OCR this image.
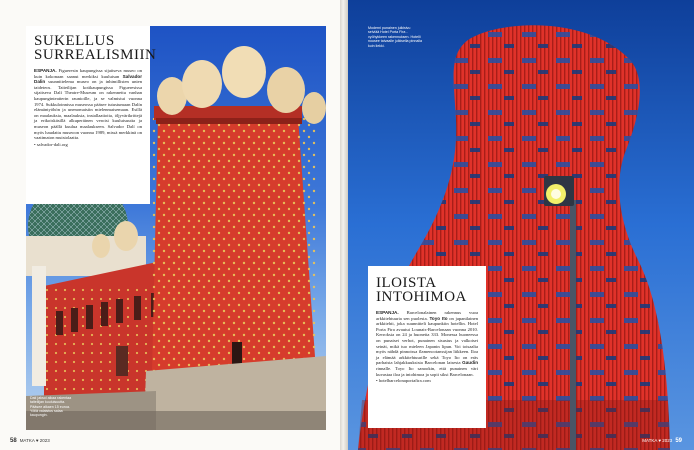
SUKELLUS
SURREALISMIIN
ESPANJA. Figueresin kaupungissa sijaitseva museo on kuin kokonaan saanut merkiksi kuuluisan Salvador Dalin suunnittelema museo on ja inhimillisten unien taideteos. Taiteilijan kotikaupungissa Figueresissa sijaitseva Dalí Theatre-Museum on rakennettu vanhan kaupunginteatterin raunioille, ja se valmistui vuonna 1974. Sukkuloinnissa museossa pääsee tutustumaan Dalín elämäntyöhön ja unenomaisiin mielenmaisemaan. Esillä on maalauksia, maalauksia, installaatioita, öljyvärikrittejä ja erikoiskäsillä alkuperäinen veroisi kuuluisuutta ja museon päällä kuulua maalaukseen. Salvador Dalí on myös haudattu museoon vuonna 1989, missä merkkinä on vaatimaton muistolaatta.
• salvador-dali.org
Dalí jaksoi alkaa rakentaa taiteilijan kuuluisuutta. Pääsee alkaen 15 euroa. Yöllä valaistus salaa kaupungin.
58 MATKA ♥ 2023
Moderni punainen julkisivu selviää Hotel Porta Fira -vyöhykkeen rakennuksen. Hotelli nousee taivaalle julkisella pinnalla kuin liekki.
ILOISTA
INTOHIMOA
ESPANJA. Barcelonalainen rakennus vuoa arkkitehtuuria sen puolesta. Toyo Ito on japanilainen arkkitehti, joka suunnitteli kaupunkiin hotellin. Hotel Porta Fira avautui Lounais-Barcelonaan vuonna 2010. Kerroksia on 24 ja huoneita 333. Monessa huoneessa on punaiset verhot, punainen sisustus ja valkoiset seinät, mikä tuo mieleen Japanin lipun. Voi toisaalta myös nähdä pinnoissa flamencotanssijan liikkeen. Iloa ja elämää arkkitehtuurille sekä Toyo Ito on eräs parhaista lahjakkuuksista Barcelonan laisesta Gaudin rinnalle. Toyo Ito sanookin, että punainen väri kuvastaa iloa ja intohimoa ja sopii siksi Barcelonaan.
• hotelbarcelonaportafira.com
MATKA ♥ 2023 59
